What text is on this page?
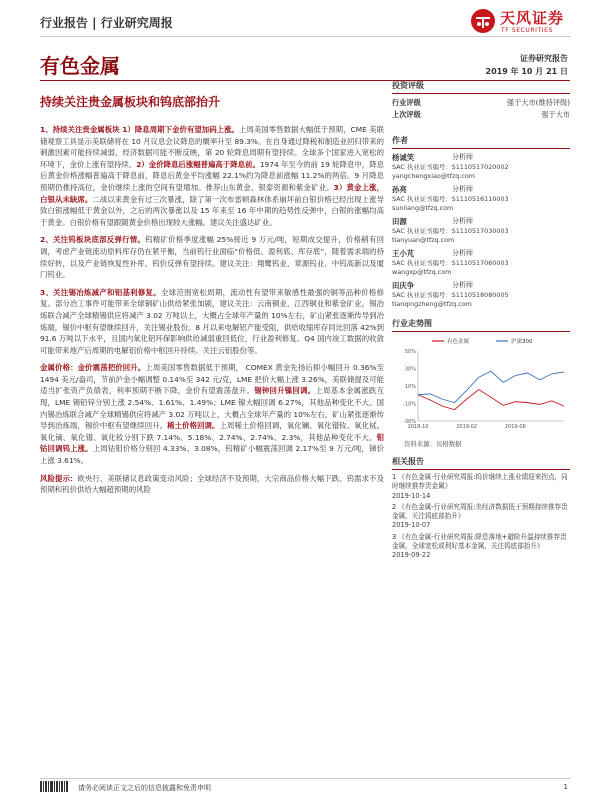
行业报告 | 行业研究周报	天风证券
TF SECURITIES
有色金属	证券研究报告
2019 年 10 月 21 日
持续关注贵金属板块和钨底部抬升

1、持续关注贵金属板块 1）降息周期下金价有望加码上涨。上周美国零售数据大幅低于预期，CME 美联储观察工具显示美联储将在 10 月议息会议降息的概率升至 89.3%。在自身通过降税和制造业回归带来的刺激因素可能持续减弱，经济数据可能不断反映，第 20 轮降息周期有望持续。全球多个国家进入宽松的环境下，金价上涨有望持续。2）金价降息后涨幅普遍高于降息前。1974 年至今的前 19 轮降息中，降息后黄金价格涨幅普遍高于降息前，降息后黄金平均涨幅 22.1%约为降息前涨幅 11.2%的两倍。9 月降息预期仍推持高位，金价继续上涨的空间有望增加。推荐山东黄金、银泰资源和紫金矿业。3）黄金上涨，白银从未缺席。二战以来黄金有过三次暴涨，除了第一次布雷顿森林体系崩坏前白银价格已经出现上涨导致白银涨幅低于黄金以外，之后的两次暴涨以及 15 年来至 16 年中期的趋势性反弹中，白银的涨幅均高于黄金。白银价格有望跟随黄金价格出现较大涨幅。建议关注盛达矿业。

2、关注钨板块底部反弹行情。钨精矿价格季度涨幅 25%接近 9 万元/吨，短期成交提升，价格稍有回调，考虑产业链流动原料库存仍在紧平衡，当前钨行业面临“价格低、盈利底、库存底”，随着需求端的持续好转，以及产业链恢复性补库，钨价反弹有望持续。建议关注：翔鹭钨业、章源钨业、中钨高新以及厦门钨业。

3、关注锡冶炼减产和铝基利修复。全球范围宽松周期，流动性有望带来敏感性最强的铜等品种价格修复。部分冶工事件可能带来全球铜矿山供给紧张加剧，建议关注：云南铜业、江西铜业和紫金矿业。锡冶炼联合减产全球精锡供应将减产 3.02 万吨以上，大概占全球年产量的 10%左右，矿山紧张逐渐传导到冶炼端，锡价中枢有望继续回升，关注锡业股份。8 月以来电解铝产能受阻，供给收缩库存同比回落 42%到 91.6 万吨以下水平，且国内氧化铝环保影响供给减弱重回低位，行业盈利修复。Q4 国内竣工数据的收敛可能带来地产后周期的电解铝价格中枢回升持续。关注云铝股份等。

金属价格：金价震荡把价回升。上周美国零售数据低于预期， COMEX 黄金先扬后抑小幅回升 0.36%至 1494 美元/盎司，节前沪金小幅调整 0.14%至 342 元/克，LME 把价大幅上涨 3.26%，美联储提及可能适当扩张资产负债表，利率预期不断下降，金价有望震荡盘升。锡钟回升镍回调。上周基本金属涨跌互现，LME 锡铅锌分别上涨 2.54%、1.61%、1.49%；LME 镍大幅回调 6.27%，其他品种变化不大。国内锡冶炼联合减产全球精锡供应将减产 3.02 万吨以上，大概占全球年产量的 10%左右，矿山紧张逐渐传导到冶炼端，锡价中枢有望继续回升。稀土价格回调。上周稀土价格回调，氧化镧、氧化镨钕、氧化铽、氧化镝、氧化镨、氧化钕分别下跌 7.14%、5.18%、2.74%、2.74%、2.3%，其他品种变化不大。钼钴回调钨上涨。上周钴钼价格分别回 4.33%、3.08%，钨精矿小幅震荡回调 2.17%至 9 万元/吨，锑价上涨 3.61%。

风险提示：欧央行、美联储议息政策变动风险；全球经济不及预期，大宗商品价格大幅下跌、钨需求不及预期和钨价供给大幅超预期的风险

投资评级
行业评级	强于大市(维持评级)
上次评级	强于大市
作者
杨诚笑	分析师
SAC 执业证书编号：S1110517020002
yangchengxiao@tfzq.com
孙亮	分析师
SAC 执业证书编号：S1110516110003
sunliang@tfzq.com
田源	分析师
SAC 执业证书编号：S1110517030003
tianyuan@tfzq.com
王小芃	分析师
SAC 执业证书编号：S1110517060003
wangxp@tfzq.com
田庆争	分析师
SAC 执业证书编号：S1110518080005
tianqingzheng@tfzq.com
行业走势图
-30%
-10%
10%
30%
50%
2018-10	2019-02	2019-06
有色金属	沪深300
资料来源：贝格数据
相关报告
1 《有色金属-行业研究周报:钨价继续上涨业绩迎来拐点，同时继续推荐贵金属》
2019-10-14
2 《有色金属-行业研究周报:美经济数据低于预期持续推荐贵金属，关注钨底部抬升》
2019-10-07
3 《有色金属-行业研究周报:降息落地+避险升温持续推荐贵金属，全球宽松或利好基本金属，关注钨底部抬升》
2019-09-22
请务必阅读正文之后的信息披露和免责申明	1
